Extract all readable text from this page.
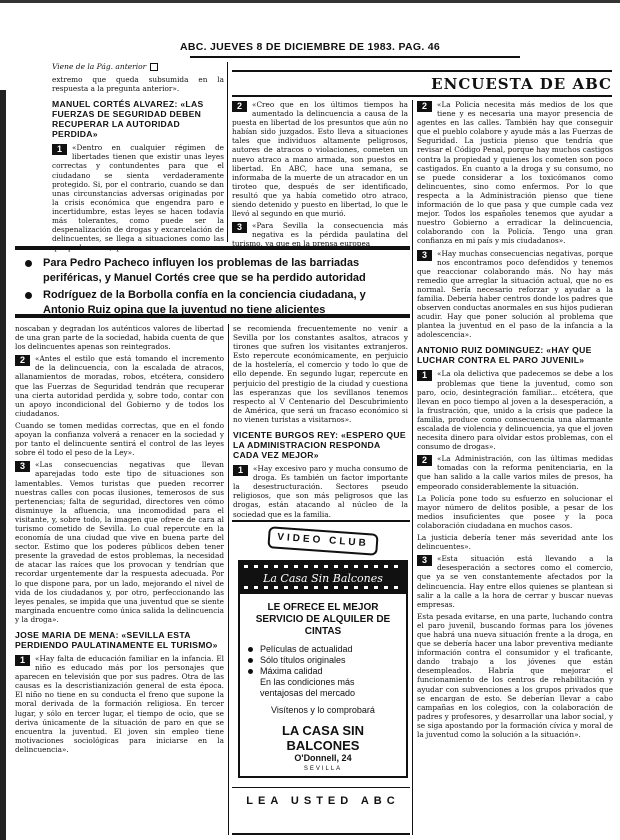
ABC. JUEVES 8 DE DICIEMBRE DE 1983. PAG. 46
Viene de la Pág. anterior

extremo que queda subsumida en la respuesta a la pregunta anterior».

MANUEL CORTÉS ALVAREZ: «LAS FUERZAS DE SEGURIDAD DEBEN RECUPERAR LA AUTORIDAD PERDIDA»

1	«Dentro en cualquier régimen de libertades tienen que existir unas leyes correctas y contundentes para que el ciudadano se sienta verdaderamente protegido. Si, por el contrario, cuando se dan unas circunstancias adversas originadas por la crisis económica que engendra paro e incertidumbre, estas leyes se hacen todavía más tolerantes, como puede ser la despenalización de drogas y excarcelación de delincuentes, se llega a situaciones como las que padecemos, que nos

ENCUESTA DE ABC

2	«Creo que en los últimos tiempos ha aumentado la delincuencia a causa de la puesta en libertad de los presuntos que aún no habían sido juzgados. Esto lleva a situaciones tales que individuos altamente peligrosos, autores de atracos o violaciones, cometen un nuevo atraco a mano armada, son puestos en libertad. En ABC, hace una semana, se informaba de la muerte de un atracador en un tiroteo que, después de ser identificado, resultó que ya había cometido otro atraco, siendo detenido y puesto en libertad, lo que le llevó al segundo en que murió.

3	«Para Sevilla la consecuencia más negativa es la pérdida paulatina del turismo, ya que en la prensa europea

Para Pedro Pacheco influyen los problemas de las barriadas periféricas, y Manuel Cortés cree que se ha perdido autoridad
Rodríguez de la Borbolla confía en la conciencia ciudadana, y Antonio Ruiz opina que la juventud no tiene alicientes

noscaban y degradan los auténticos valores de libertad de una gran parte de la sociedad, habida cuenta de que los delincuentes apenas son reintegrados.

2	«Antes el estilo que está tomando el incremento de la delincuencia, con la escalada de atracos, allanamientos de moradas, robos, etcétera, considero que las Fuerzas de Seguridad tendrán que recuperar una cierta autoridad perdida y, sobre todo, contar con un apoyo incondicional del Gobierno y de todos los ciudadanos.

Cuando se tomen medidas correctas, que en el fondo apoyan la confianza volverá a renacer en la sociedad y por tanto el delincuente sentirá el control de las leyes sobre él todo el peso de la Ley».

3	«Las consecuencias negativas que llevan aparejadas todo este tipo de situaciones son lamentables. Vemos turistas que pueden recorrer nuestras calles con pocas ilusiones, temerosos de sus pertenencias; falta de seguridad, directores ven cómo disminuye la afluencia, una incomodidad para el visitante, y, sobre todo, la imagen que ofrece de cara al turismo cometido de Sevilla. Lo cual repercute en la economía de una ciudad que vive en buena parte del sector. Estimo que los poderes públicos deben tener presente la gravedad de estos problemas, la necesidad de atacar las raíces que los provocan y tendrían que recordar urgentemente dar la respuesta adecuada. Por lo que dispone para, por un lado, mejorando el nivel de vida de los ciudadanos y, por otro, perfeccionando las leyes penales, se impida que una juventud que se siente marginada encuentre como única salida la delincuencia y la droga».

JOSE MARIA DE MENA: «SEVILLA ESTA PERDIENDO PAULATINAMENTE EL TURISMO»

1	«Hay falta de educación familiar en la infancia. El niño es educado más por los personajes que aparecen en televisión que por sus padres. Otra de las causas es la descristianización general de esta época. El niño no tiene en su conducta el freno que supone la moral derivada de la formación religiosa. En tercer lugar, y sólo en tercer lugar, el tiempo de ocio, que se deriva únicamente de la situación de paro en que se encuentra la juventud. El joven sin empleo tiene motivaciones sociológicas para iniciarse en la delincuencia».

se recomienda frecuentemente no venir a Sevilla por los constantes asaltos, atracos y tirones que sufren los visitantes extranjeros. Esto repercute económicamente, en perjuicio de la hostelería, el comercio y todo lo que de ello depende. En segundo lugar, repercute en perjuicio del prestigio de la ciudad y cuestiona las esperanzas que los sevillanos tenemos respecto al V Centenario del Descubrimiento de América, que será un fracaso económico si no vienen turistas a visitarnos».

VICENTE BURGOS REY: «ESPERO QUE LA ADMINISTRACION RESPONDA CADA VEZ MEJOR»

1	«Hay excesivo paro y mucha consumo de droga. Es también un factor importante la desestructuración. Sectores pseudo religiosos, que son más peligrosos que las drogas, están atacando al núcleo de la sociedad que es la familia.

VIDEO CLUB
La Casa Sin Balcones
LE OFRECE EL MEJOR SERVICIO DE ALQUILER DE CINTAS
Películas de actualidad
Sólo títulos originales
Máxima calidad
En las condiciones más ventajosas del mercado
Visítenos y lo comprobará
LA CASA SIN BALCONES
O'Donnell, 24
SEVILLA
LEA USTED ABC

2	«La Policía necesita más medios de los que tiene y es necesaria una mayor presencia de agentes en las calles. También hay que conseguir que el pueblo colabore y ayude más a las Fuerzas de Seguridad. La justicia pienso que tendría que revisar el Código Penal, porque hay muchos castigos contra la propiedad y quienes los cometen son poco castigados. En cuanto a la droga y su consumo, no se puede considerar a los toxicómanos como delincuentes, sino como enfermos. Por lo que respecta a la Administración pienso que tiene información de lo que pasa y que cumple cada vez mejor. Todos los españoles tenemos que ayudar a nuestro Gobierno a erradicar la delincuencia, colaborando con la Policía. Tengo una gran confianza en mi país y mis ciudadanos».

3	«Hay muchas consecuencias negativas, porque nos encontramos poco defendidos y tenemos que reaccionar colaborando más. No hay más remedio que arreglar la situación actual, que no es normal. Sería necesario reforzar y ayudar a la familia. Debería haber centros donde los padres que observen conductas anormales en sus hijos pudieran acudir. Hay que poner solución al problema que plantea la juventud en el paso de la infancia a la adolescencia».

ANTONIO RUIZ DOMINGUEZ: «HAY QUE LUCHAR CONTRA EL PARO JUVENIL»

1	«La ola delictiva que padecemos se debe a los problemas que tiene la juventud, como son paro, ocio, desintegración familiar... etcétera, que llevan en poco tiempo al joven a la desesperación, a la frustración, que, unido a la crisis que padece la familia, produce como consecuencia una alarmante escalada de violencia y delincuencia, ya que el joven necesita dinero para olvidar estos problemas, con el consumo de drogas».

2	«La Administración, con las últimas medidas tomadas con la reforma penitenciaria, en la que han salido a la calle varios miles de presos, ha empeorado considerablemente la situación.

La Policía pone todo su esfuerzo en solucionar el mayor número de delitos posible, a pesar de los medios insuficientes que posee y la poca colaboración ciudadana en muchos casos.

La justicia debería tener más severidad ante los delincuentes».

3	«Esta situación está llevando a la desesperación a sectores como el comercio, que ya se ven constantemente afectados por la delincuencia. Hay entre ellos quienes se plantean si salir a la calle a la hora de cerrar y buscar nuevas empresas.

Esta pesada evitarse, en una parte, luchando contra el paro juvenil, buscando formas para los jóvenes que habrá una nueva situación frente a la droga, en que se debería hacer una labor preventiva mediante información contra el consumidor y el traficante, dando trabajo a los jóvenes que están desempleados. Habría que mejorar el funcionamiento de los centros de rehabilitación y ayudar con subvenciones a los grupos privados que se encargan de esto. Se deberían llevar a cabo campañas en los colegios, con la colaboración de padres y profesores, y desarrollar una labor social, y se siga apostando por la formación cívica y moral de la juventud como la solución a la situación».
